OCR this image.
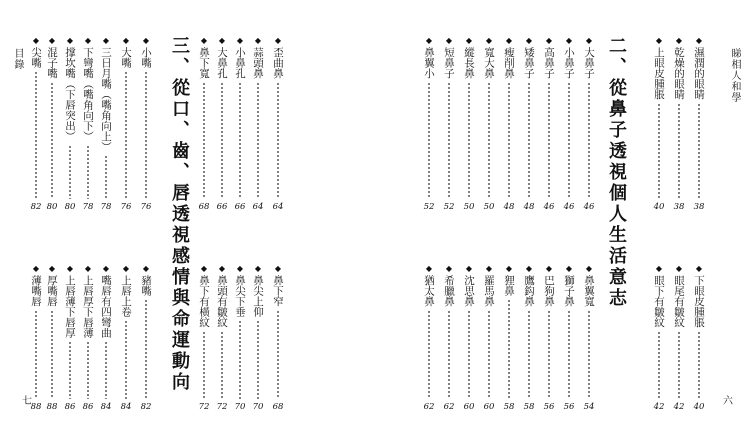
目錄
七
◆
小嘴
76
◆
豬嘴
82
◆
大嘴
76
◆
上唇上卷
84
◆
三日月嘴（嘴角向上）
78
◆
嘴唇有四彎曲
84
◆
下彎嘴（嘴角向下）
78
◆
上唇厚下唇薄
86
◆
撑坎嘴（下唇突出）
80
◆
上唇薄下唇厚
86
◆
混子嘴
80
◆
厚嘴唇
88
◆
尖嘴
82
◆
薄嘴唇
88
三、從口、齒、唇透視感情與命運動向	◆
歪曲鼻
64
◆
鼻下窄
68
◆
蒜頭鼻
64
◆
鼻尖上仰
70
◆
小鼻孔
66
◆
鼻尖下垂
70
◆
大鼻孔
66
◆
鼻頭有皺紋
72
◆
鼻下寬
68
◆
鼻下有橫紋
72
睇相人和學
六
◆
濕潤的眼睛
38
◆
下眼皮腫脹
40
◆
乾燥的眼睛
38
◆
眼尾有皺紋
42
◆
上眼皮腫脹
40
◆
眼下有皺紋
42
二、從鼻子透視個人生活意志
◆
大鼻子
46
◆
鼻翼寬
54
◆
小鼻子
46
◆
獅子鼻
56
◆
高鼻子
46
◆
巴狗鼻
56
◆
矮鼻子
48
◆
鷹鈎鼻
58
◆
瘦削鼻
48
◆
狸鼻
58
◆
寬大鼻
50
◆
羅馬鼻
60
◆
縱長鼻
50
◆
沈思鼻
60
◆
短鼻子
52
◆
希臘鼻
62
◆
鼻翼小
52
◆
猶太鼻
62
